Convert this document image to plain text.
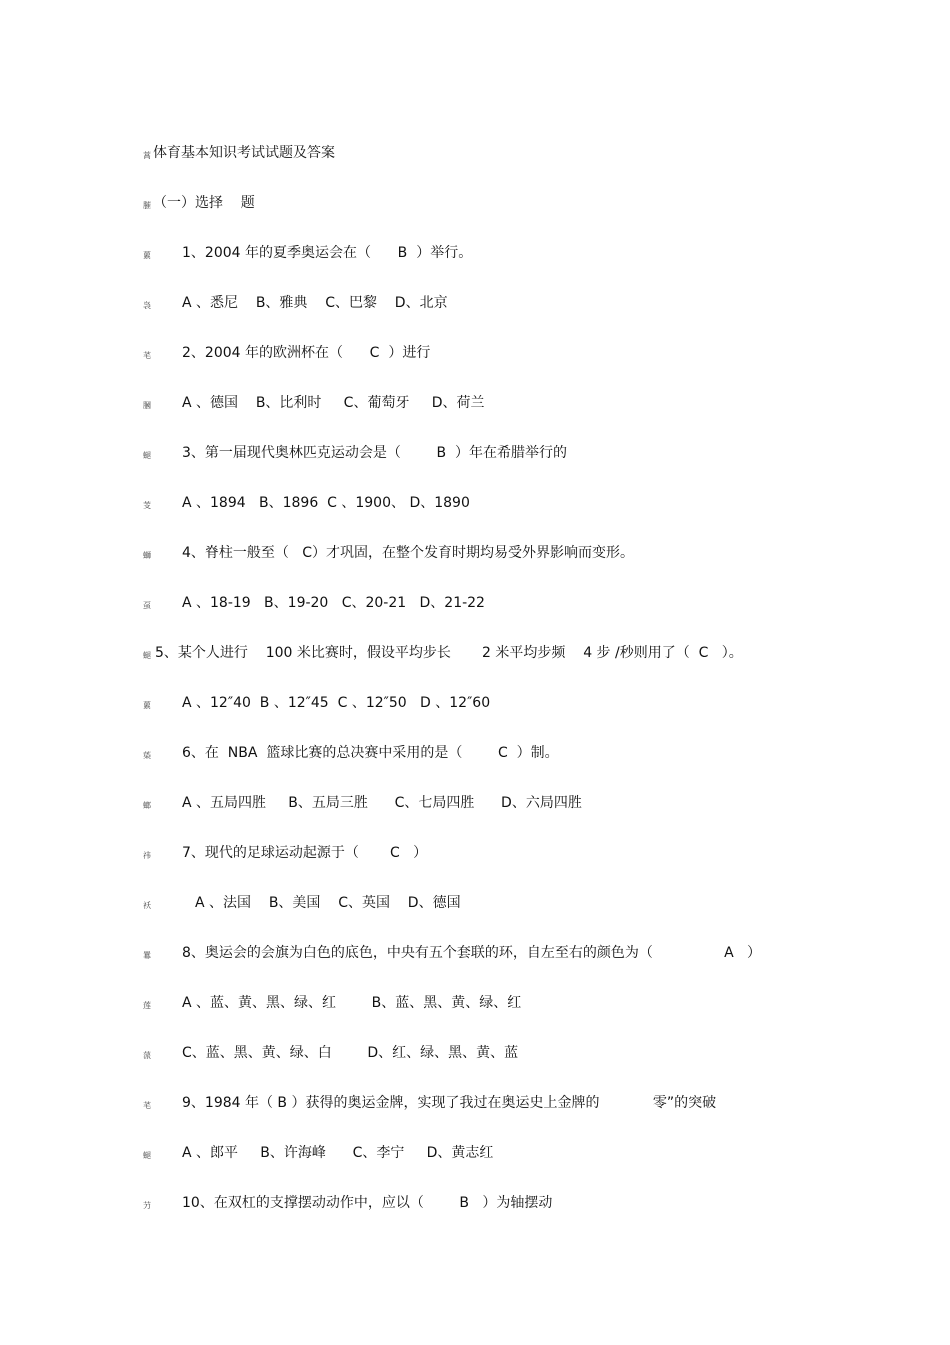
蒿 体育基本知识考试试题及答案
膗 （一）选择    题
蔂 1、2004 年的夏季奥运会在（      B  ）举行。
袅 A 、悉尼    B、雅典    C、巴黎    D、北京
芼 2、2004 年的欧洲杯在（      C  ）进行
膕 A 、德国    B、比利时     C、葡萄牙     D、荷兰
螁 3、第一届现代奥林匹克运动会是（        B  ）年在希腊举行的
芰 A 、1894   B、1896  C 、1900、 D、1890
螄 4、脊柱一般至（   C）才巩固，在整个发育时期均易受外界影响而变形。
虿 A 、18-19   B、19-20   C、20-21   D、21-22
螁 5、某个人进行    100 米比赛时，假设平均步长       2 米平均步频    4 步 /秒则用了（  C   ）。
蔂 A 、12″40  B 、12″45  C 、12″50   D 、12″60
蒅 6、在  NBA  篮球比赛的总决赛中采用的是（        C  ）制。
螂 A 、五局四胜     B、五局三胜      C、七局四胜      D、六局四胜
祎 7、现代的足球运动起源于（       C   ）
袄	A 、法国    B、美国    C、英国    D、德国
羃 8、奥运会的会旗为白色的底色，中央有五个套联的环，自左至右的颜色为（                A   ）
莲 A 、蓝、黄、黑、绿、红        B、蓝、黑、黄、绿、红
蒎 C、蓝、黑、黄、绿、白        D、红、绿、黑、黄、蓝
芼 9、1984 年（ B ）获得的奥运金牌，实现了我过在奥运史上金牌的            零”的突破
螁 A 、郎平     B、许海峰      C、李宁     D、黄志红
芀 10、在双杠的支撑摆动动作中，应以（        B   ）为轴摆动
